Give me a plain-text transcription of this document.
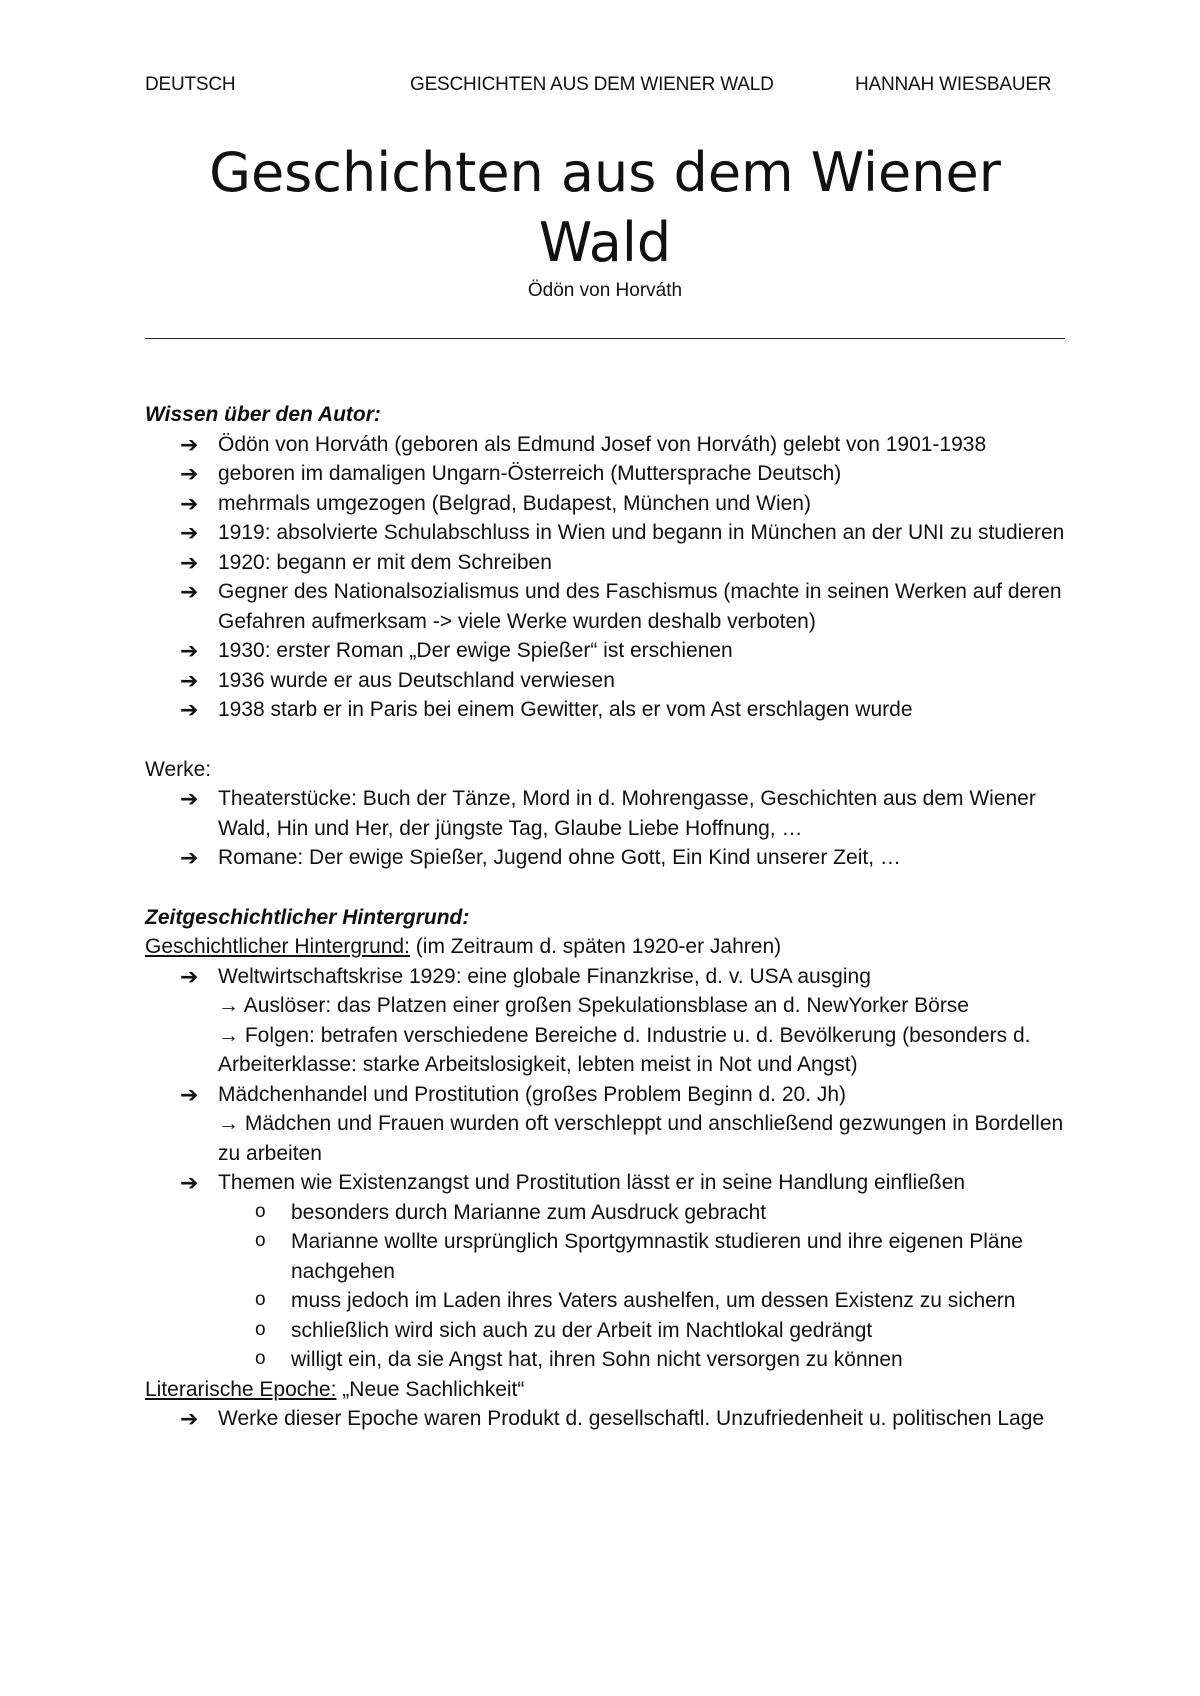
DEUTSCH	GESCHICHTEN AUS DEM WIENER WALD	HANNAH WIESBAUER
Geschichten aus dem Wiener Wald
Ödön von Horváth

Wissen über den Autor:

➔ Ödön von Horváth (geboren als Edmund Josef von Horváth) gelebt von 1901-1938

➔ geboren im damaligen Ungarn-Österreich (Muttersprache Deutsch)

➔ mehrmals umgezogen (Belgrad, Budapest, München und Wien)

➔ 1919: absolvierte Schulabschluss in Wien und begann in München an der UNI zu studieren

➔ 1920: begann er mit dem Schreiben

➔ Gegner des Nationalsozialismus und des Faschismus (machte in seinen Werken auf deren Gefahren aufmerksam -> viele Werke wurden deshalb verboten)

➔ 1930: erster Roman „Der ewige Spießer“ ist erschienen

➔ 1936 wurde er aus Deutschland verwiesen

➔ 1938 starb er in Paris bei einem Gewitter, als er vom Ast erschlagen wurde

Werke:

➔ Theaterstücke: Buch der Tänze, Mord in d. Mohrengasse, Geschichten aus dem Wiener Wald, Hin und Her, der jüngste Tag, Glaube Liebe Hoffnung, …

➔ Romane: Der ewige Spießer, Jugend ohne Gott, Ein Kind unserer Zeit, …

Zeitgeschichtlicher Hintergrund:

Geschichtlicher Hintergrund: (im Zeitraum d. späten 1920-er Jahren)

➔ Weltwirtschaftskrise 1929: eine globale Finanzkrise, d. v. USA ausging
→ Auslöser: das Platzen einer großen Spekulationsblase an d. NewYorker Börse
→ Folgen: betrafen verschiedene Bereiche d. Industrie u. d. Bevölkerung (besonders d. Arbeiterklasse: starke Arbeitslosigkeit, lebten meist in Not und Angst)

➔ Mädchenhandel und Prostitution (großes Problem Beginn d. 20. Jh)
→ Mädchen und Frauen wurden oft verschleppt und anschließend gezwungen in Bordellen zu arbeiten

➔ Themen wie Existenzangst und Prostitution lässt er in seine Handlung einfließen

o besonders durch Marianne zum Ausdruck gebracht

o Marianne wollte ursprünglich Sportgymnastik studieren und ihre eigenen Pläne nachgehen

o muss jedoch im Laden ihres Vaters aushelfen, um dessen Existenz zu sichern

o schließlich wird sich auch zu der Arbeit im Nachtlokal gedrängt

o willigt ein, da sie Angst hat, ihren Sohn nicht versorgen zu können

Literarische Epoche: „Neue Sachlichkeit“

➔ Werke dieser Epoche waren Produkt d. gesellschaftl. Unzufriedenheit u. politischen Lage
